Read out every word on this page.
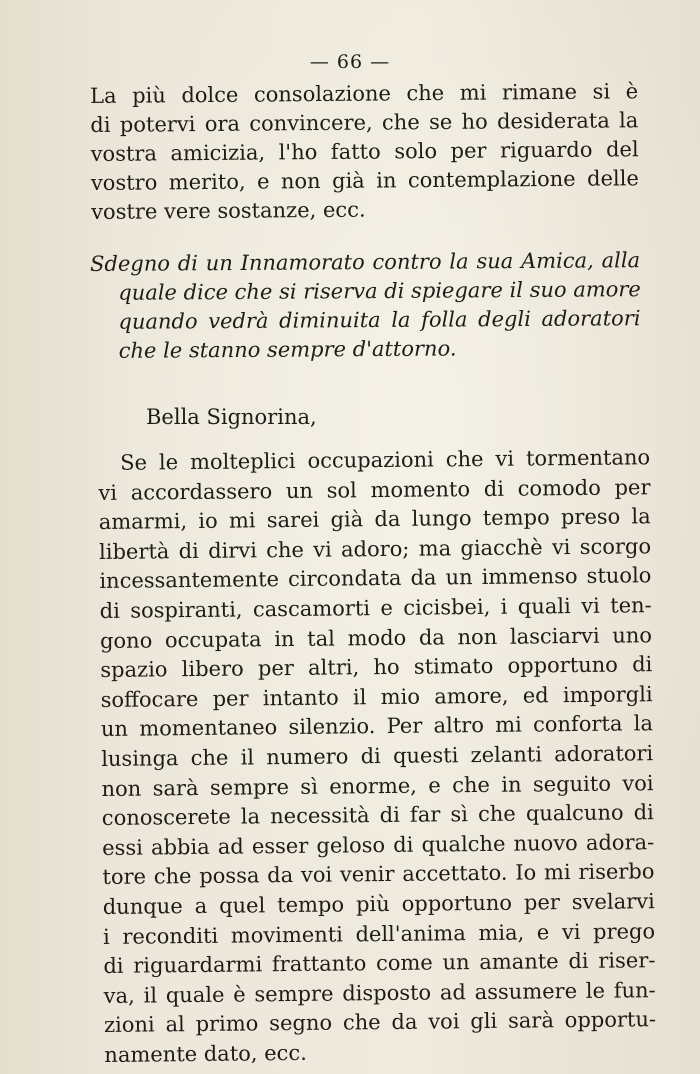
— 66 —

La più dolce consolazione che mi rimane si è
di potervi ora convincere, che se ho desiderata la
vostra amicizia, l'ho fatto solo per riguardo del
vostro merito, e non già in contemplazione delle
vostre vere sostanze, ecc.

Sdegno di un Innamorato contro la sua Amica, alla
quale dice che si riserva di spiegare il suo amore
quando vedrà diminuita la folla degli adoratori
che le stanno sempre d'attorno.

Bella Signorina,

Se le molteplici occupazioni che vi tormentano
vi accordassero un sol momento di comodo per
amarmi, io mi sarei già da lungo tempo preso la
libertà di dirvi che vi adoro; ma giacchè vi scorgo
incessantemente circondata da un immenso stuolo
di sospiranti, cascamorti e cicisbei, i quali vi ten-
gono occupata in tal modo da non lasciarvi uno
spazio libero per altri, ho stimato opportuno di
soffocare per intanto il mio amore, ed imporgli
un momentaneo silenzio. Per altro mi conforta la
lusinga che il numero di questi zelanti adoratori
non sarà sempre sì enorme, e che in seguito voi
conoscerete la necessità di far sì che qualcuno di
essi abbia ad esser geloso di qualche nuovo adora-
tore che possa da voi venir accettato. Io mi riserbo
dunque a quel tempo più opportuno per svelarvi
i reconditi movimenti dell'anima mia, e vi prego
di riguardarmi frattanto come un amante di riser-
va, il quale è sempre disposto ad assumere le fun-
zioni al primo segno che da voi gli sarà opportu-
namente dato, ecc.
